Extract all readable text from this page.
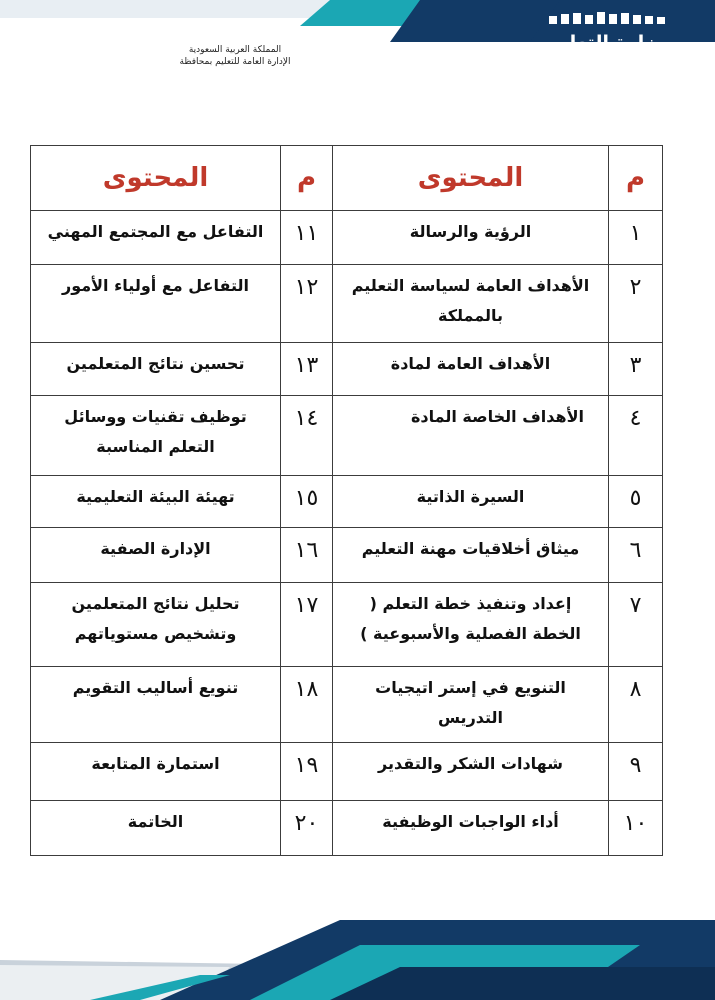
وزارة التعليم
Ministry of Education
المملكة العربية السعودية
الإدارة العامة للتعليم بمحافظة
م	المحتوى	م	المحتوى
١	الرؤية والرسالة	١١	التفاعل مع المجتمع المهني
٢	الأهداف العامة لسياسة التعليم بالمملكة	١٢	التفاعل مع أولياء الأمور
٣	الأهداف العامة لمادة	١٣	تحسين نتائج المتعلمين
٤	الأهداف الخاصة المادة	١٤	توظيف تقنيات ووسائل التعلم المناسبة
٥	السيرة الذاتية	١٥	تهيئة البيئة التعليمية
٦	ميثاق أخلاقيات مهنة التعليم	١٦	الإدارة الصفية
٧	إعداد وتنفيذ خطة التعلم ( الخطة الفصلية والأسبوعية )	١٧	تحليل نتائج المتعلمين وتشخيص مستوياتهم
٨	التنويع في إستر اتيجيات التدريس	١٨	تنويع أساليب التقويم
٩	شهادات الشكر والتقدير	١٩	استمارة المتابعة
١٠	أداء الواجبات الوظيفية	٢٠	الخاتمة
